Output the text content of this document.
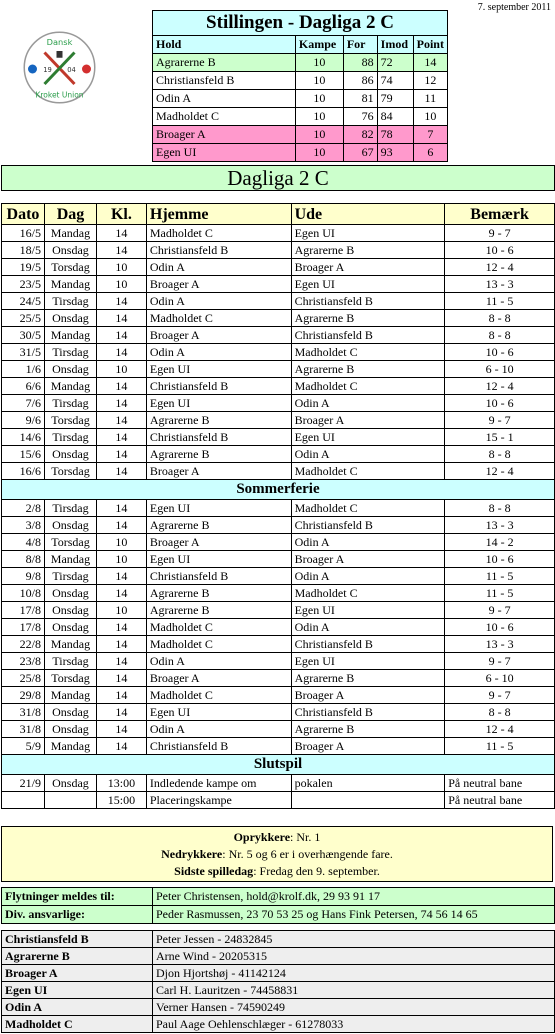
7. september 2011
Dansk
Kroket Union
19 04
Stillingen - Dagliga 2 C				
Hold	Kampe	For	Imod	Point
Agrarerne B	10	88	72	14
Christiansfeld B	10	86	74	12
Odin A	10	81	79	11
Madholdet C	10	76	84	10
Broager A	10	82	78	7
Egen UI	10	67	93	6
Dagliga 2 C
Dato	Dag	Kl.	Hjemme	Ude	Bemærk
16/5	Mandag	14	Madholdet C	Egen UI	9 - 7
18/5	Onsdag	14	Christiansfeld B	Agrarerne B	10 - 6
19/5	Torsdag	10	Odin A	Broager A	12 - 4
23/5	Mandag	10	Broager A	Egen UI	13 - 3
24/5	Tirsdag	14	Odin A	Christiansfeld B	11 - 5
25/5	Onsdag	14	Madholdet C	Agrarerne B	8 - 8
30/5	Mandag	14	Broager A	Christiansfeld B	8 - 8
31/5	Tirsdag	14	Odin A	Madholdet C	10 - 6
1/6	Onsdag	10	Egen UI	Agrarerne B	6 - 10
6/6	Mandag	14	Christiansfeld B	Madholdet C	12 - 4
7/6	Tirsdag	14	Egen UI	Odin A	10 - 6
9/6	Torsdag	14	Agrarerne B	Broager A	9 - 7
14/6	Tirsdag	14	Christiansfeld B	Egen UI	15 - 1
15/6	Onsdag	14	Agrarerne B	Odin A	8 - 8
16/6	Torsdag	14	Broager A	Madholdet C	12 - 4
Sommerferie					
2/8	Tirsdag	14	Egen UI	Madholdet C	8 - 8
3/8	Onsdag	14	Agrarerne B	Christiansfeld B	13 - 3
4/8	Torsdag	10	Broager A	Odin A	14 - 2
8/8	Mandag	10	Egen UI	Broager A	10 - 6
9/8	Tirsdag	14	Christiansfeld B	Odin A	11 - 5
10/8	Onsdag	14	Agrarerne B	Madholdet C	11 - 5
17/8	Onsdag	10	Agrarerne B	Egen UI	9 - 7
17/8	Onsdag	14	Madholdet C	Odin A	10 - 6
22/8	Mandag	14	Madholdet C	Christiansfeld B	13 - 3
23/8	Tirsdag	14	Odin A	Egen UI	9 - 7
25/8	Torsdag	14	Broager A	Agrarerne B	6 - 10
29/8	Mandag	14	Madholdet C	Broager A	9 - 7
31/8	Onsdag	14	Egen UI	Christiansfeld B	8 - 8
31/8	Onsdag	14	Odin A	Agrarerne B	12 - 4
5/9	Mandag	14	Christiansfeld B	Broager A	11 - 5
Slutspil					
21/9	Onsdag	13:00	Indledende kampe om	pokalen	På neutral bane
		15:00	Placeringskampe		På neutral bane
Oprykkere: Nr. 1
Nedrykkere: Nr. 5 og 6 er i overhængende fare.
Sidste spilledag: Fredag den 9. september.
Flytninger meldes til:	Peter Christensen, hold@krolf.dk, 29 93 91 17
Div. ansvarlige:	Peder Rasmussen, 23 70 53 25 og Hans Fink Petersen, 74 56 14 65
Christiansfeld B	Peter Jessen - 24832845
Agrarerne B	Arne Wind - 20205315
Broager A	Djon Hjortshøj - 41142124
Egen UI	Carl H. Lauritzen - 74458831
Odin A	Verner Hansen - 74590249
Madholdet C	Paul Aage Oehlenschlæger - 61278033
